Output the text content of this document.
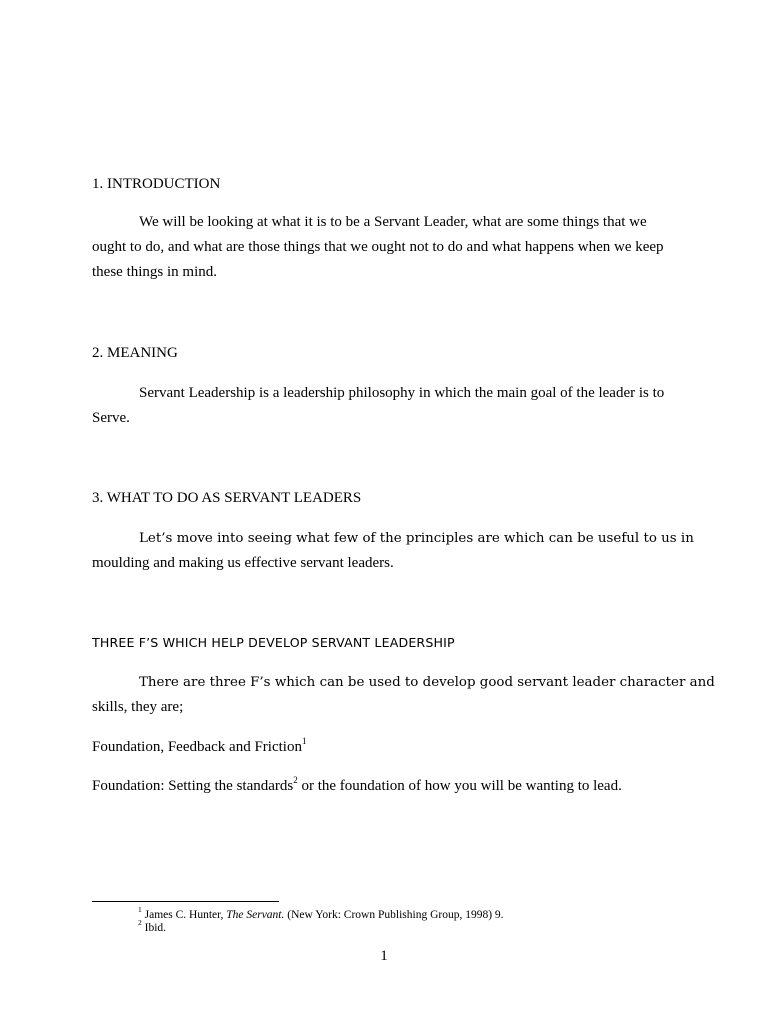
1. INTRODUCTION
We will be looking at what it is to be a Servant Leader, what are some things that we ought to do, and what are those things that we ought not to do and what happens when we keep these things in mind.
2. MEANING
Servant Leadership is a leadership philosophy in which the main goal of the leader is to Serve.
3. WHAT TO DO AS SERVANT LEADERS
Let’s move into seeing what few of the principles are which can be useful to us in
moulding and making us effective servant leaders.
THREE F’S WHICH HELP DEVELOP SERVANT LEADERSHIP
There are three F’s which can be used to develop good servant leader character and
skills, they are;
Foundation, Feedback and Friction$^1$
Foundation: Setting the standards$^2$ or the foundation of how you will be wanting to lead.
$^1$ James C. Hunter, The Servant. (New York: Crown Publishing Group, 1998) 9.
$^2$ Ibid.
1
